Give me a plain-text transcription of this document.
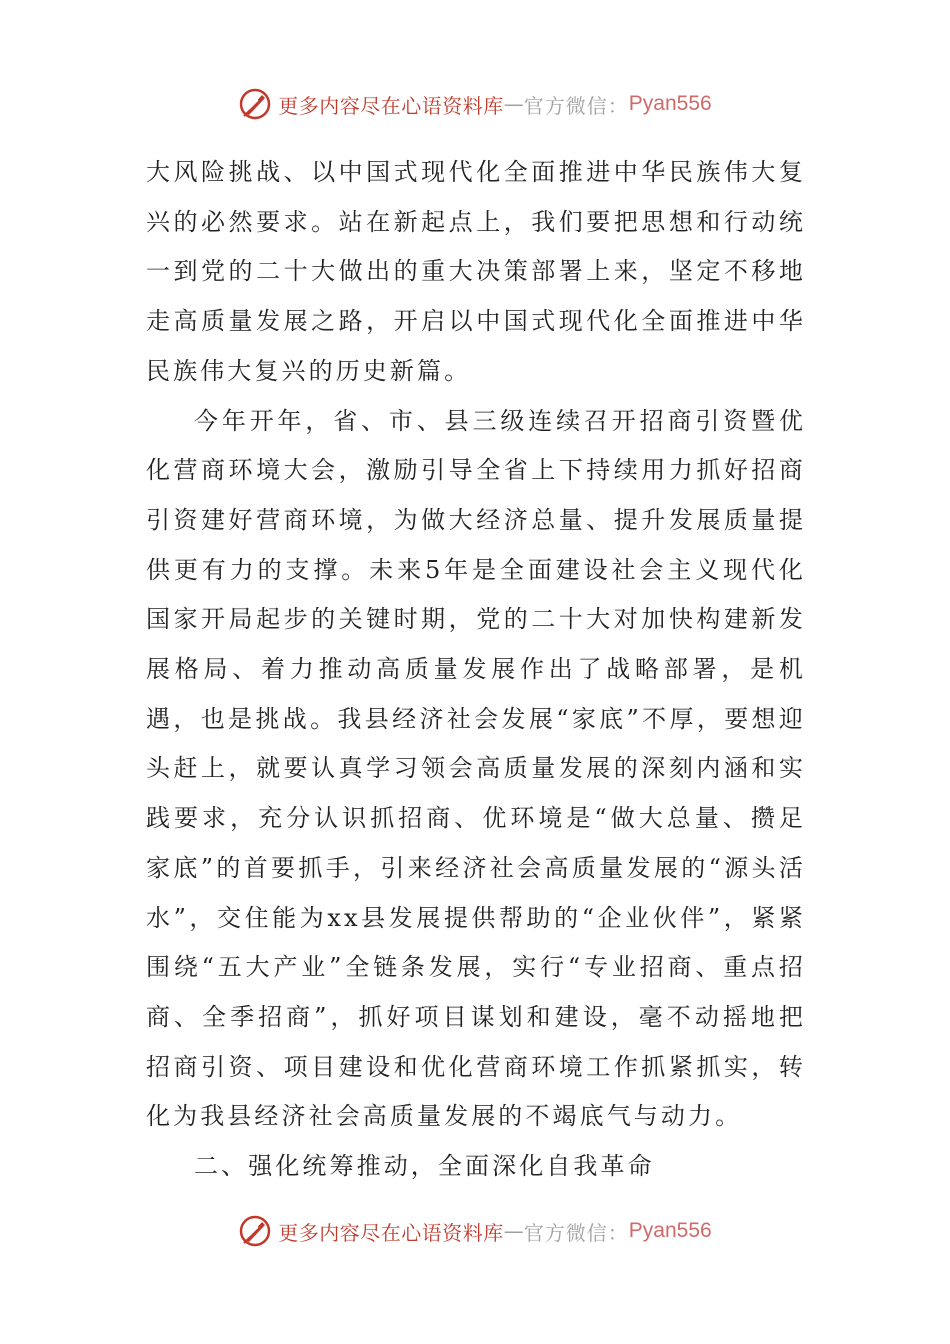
更多内容尽在心语资料库 — 官方微信： Pyan556

大风险挑战、以中国式现代化全面推进中华民族伟大复兴的必然要求。站在新起点上，我们要把思想和行动统一到党的二十大做出的重大决策部署上来，坚定不移地走高质量发展之路，开启以中国式现代化全面推进中华民族伟大复兴的历史新篇。

今年开年，省、市、县三级连续召开招商引资暨优化营商环境大会，激励引导全省上下持续用力抓好招商引资建好营商环境，为做大经济总量、提升发展质量提供更有力的支撑。未来5年是全面建设社会主义现代化国家开局起步的关键时期，党的二十大对加快构建新发展格局、着力推动高质量发展作出了战略部署，是机遇，也是挑战。我县经济社会发展“家底”不厚，要想迎头赶上，就要认真学习领会高质量发展的深刻内涵和实践要求，充分认识抓招商、优环境是“做大总量、攒足家底”的首要抓手，引来经济社会高质量发展的“源头活水”，交住能为xx县发展提供帮助的“企业伙伴”，紧紧围绕“五大产业”全链条发展，实行“专业招商、重点招商、全季招商”，抓好项目谋划和建设，毫不动摇地把招商引资、项目建设和优化营商环境工作抓紧抓实，转化为我县经济社会高质量发展的不竭底气与动力。

二、强化统筹推动，全面深化自我革命

更多内容尽在心语资料库 — 官方微信： Pyan556
